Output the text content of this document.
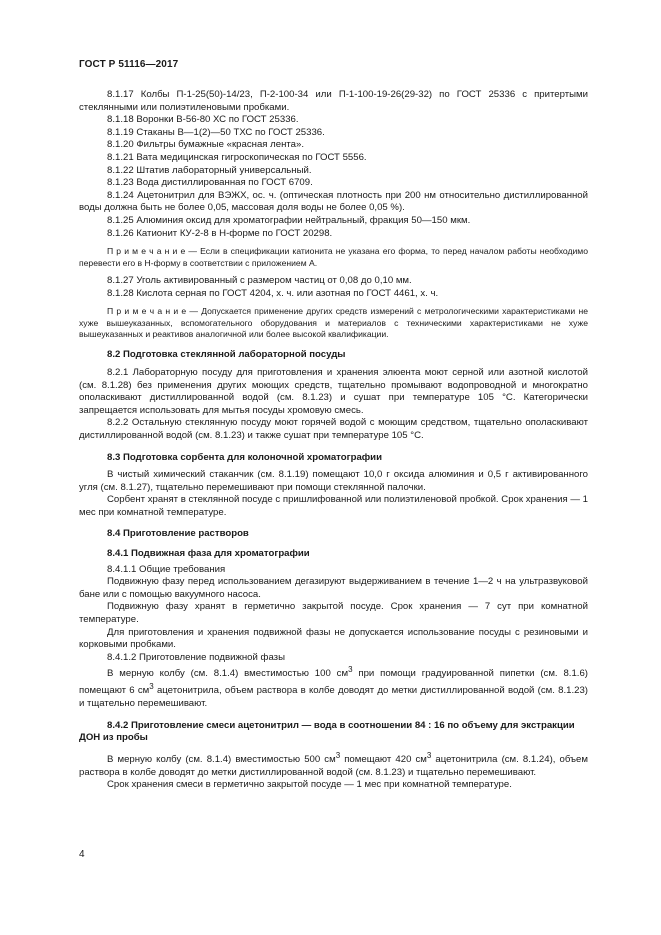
ГОСТ Р 51116—2017

8.1.17 Колбы П-1-25(50)-14/23, П-2-100-34 или П-1-100-19-26(29-32) по ГОСТ 25336 с притертыми стеклянными или полиэтиленовыми пробками.

8.1.18 Воронки В-56-80 ХС по ГОСТ 25336.

8.1.19 Стаканы В—1(2)—50 ТХС по ГОСТ 25336.

8.1.20 Фильтры бумажные «красная лента».

8.1.21 Вата медицинская гигроскопическая по ГОСТ 5556.

8.1.22 Штатив лабораторный универсальный.

8.1.23 Вода дистиллированная по ГОСТ 6709.

8.1.24 Ацетонитрил для ВЭЖХ, ос. ч. (оптическая плотность при 200 нм относительно дистиллированной воды должна быть не более 0,05, массовая доля воды не более 0,05 %).

8.1.25 Алюминия оксид для хроматографии нейтральный, фракция 50—150 мкм.

8.1.26 Катионит КУ-2-8 в Н-форме по ГОСТ 20298.

П р и м е ч а н и е — Если в спецификации катионита не указана его форма, то перед началом работы необходимо перевести его в Н-форму в соответствии с приложением А.

8.1.27 Уголь активированный с размером частиц от 0,08 до 0,10 мм.

8.1.28 Кислота серная по ГОСТ 4204, х. ч. или азотная по ГОСТ 4461, х. ч.

П р и м е ч а н и е — Допускается применение других средств измерений с метрологическими характеристиками не хуже вышеуказанных, вспомогательного оборудования и материалов с техническими характеристиками не хуже вышеуказанных и реактивов аналогичной или более высокой квалификации.

8.2 Подготовка стеклянной лабораторной посуды

8.2.1 Лабораторную посуду для приготовления и хранения элюента моют серной или азотной кислотой (см. 8.1.28) без применения других моющих средств, тщательно промывают водопроводной и многократно ополаскивают дистиллированной водой (см. 8.1.23) и сушат при температуре 105 °C. Категорически запрещается использовать для мытья посуды хромовую смесь.

8.2.2 Остальную стеклянную посуду моют горячей водой с моющим средством, тщательно ополаскивают дистиллированной водой (см. 8.1.23) и также сушат при температуре 105 °C.

8.3 Подготовка сорбента для колоночной хроматографии

В чистый химический стаканчик (см. 8.1.19) помещают 10,0 г оксида алюминия и 0,5 г активированного угля (см. 8.1.27), тщательно перемешивают при помощи стеклянной палочки.

Сорбент хранят в стеклянной посуде с пришлифованной или полиэтиленовой пробкой. Срок хранения — 1 мес при комнатной температуре.

8.4 Приготовление растворов

8.4.1 Подвижная фаза для хроматографии

8.4.1.1 Общие требования

Подвижную фазу перед использованием дегазируют выдерживанием в течение 1—2 ч на ультразвуковой бане или с помощью вакуумного насоса.

Подвижную фазу хранят в герметично закрытой посуде. Срок хранения — 7 сут при комнатной температуре.

Для приготовления и хранения подвижной фазы не допускается использование посуды с резиновыми и корковыми пробками.

8.4.1.2 Приготовление подвижной фазы

В мерную колбу (см. 8.1.4) вместимостью 100 $см^3$ при помощи градуированной пипетки (см. 8.1.6) помещают 6 $см^3$ ацетонитрила, объем раствора в колбе доводят до метки дистиллированной водой (см. 8.1.23) и тщательно перемешивают.

8.4.2 Приготовление смеси ацетонитрил — вода в соотношении 84 : 16 по объему для экстракции ДОН из пробы

В мерную колбу (см. 8.1.4) вместимостью 500 $см^3$ помещают 420 $см^3$ ацетонитрила (см. 8.1.24), объем раствора в колбе доводят до метки дистиллированной водой (см. 8.1.23) и тщательно перемешивают.

Срок хранения смеси в герметично закрытой посуде — 1 мес при комнатной температуре.

4
